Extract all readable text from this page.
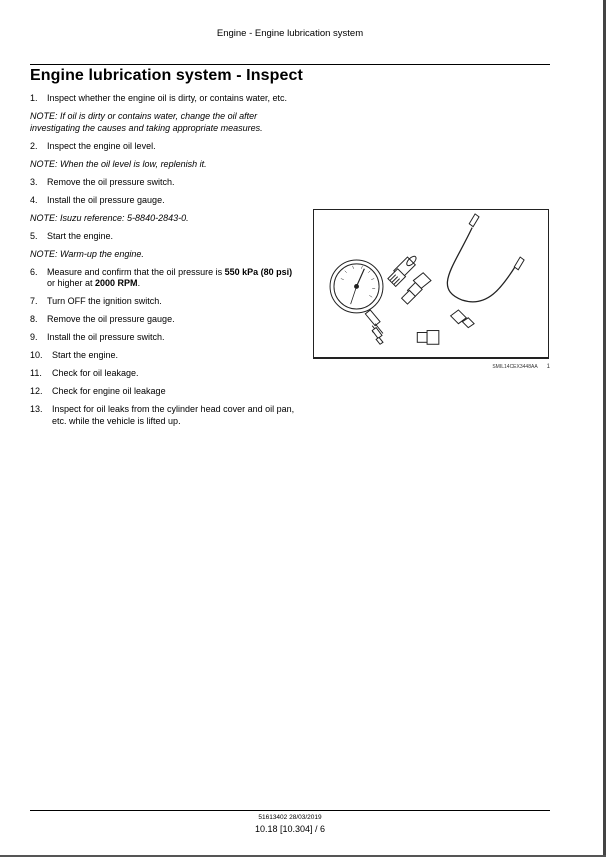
Engine - Engine lubrication system
Engine lubrication system - Inspect
1.	Inspect whether the engine oil is dirty, or contains water, etc.
NOTE: If oil is dirty or contains water, change the oil after investigating the causes and taking appropriate measures.
2.	Inspect the engine oil level.
NOTE: When the oil level is low, replenish it.
3.	Remove the oil pressure switch.
4.	Install the oil pressure gauge.
NOTE: Isuzu reference: 5-8840-2843-0.
5.	Start the engine.
NOTE: Warm-up the engine.
6.	Measure and confirm that the oil pressure is 550 kPa (80 psi) or higher at 2000 RPM.
7.	Turn OFF the ignition switch.
8.	Remove the oil pressure gauge.
9.	Install the oil pressure switch.
10.	Start the engine.
11.	Check for oil leakage.
12.	Check for engine oil leakage
13.	Inspect for oil leaks from the cylinder head cover and oil pan, etc. while the vehicle is lifted up.
SMIL14CEX3448AA 1
51613402 28/03/2019
10.18 [10.304] / 6
